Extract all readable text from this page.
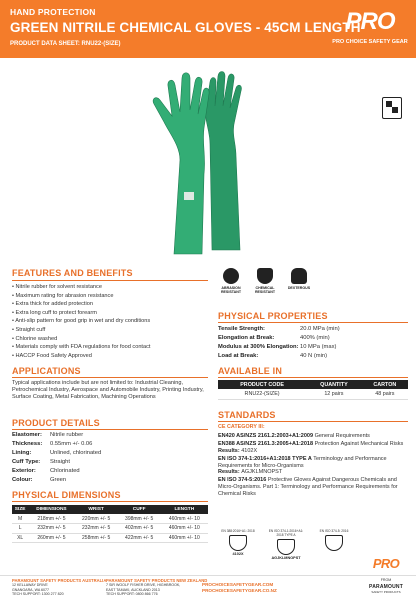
HAND PROTECTION
GREEN NITRILE CHEMICAL GLOVES - 45CM LENGTH
PRODUCT DATA SHEET: RNU22-(SIZE)
PRO
PRO CHOICE SAFETY GEAR
FEATURES AND BENEFITS
• Nitrile rubber for solvent resistance
• Maximum rating for abrasion resistance
• Extra thick for added protection
• Extra long cuff to protect forearm
• Anti-slip pattern for good grip in wet and dry conditions
• Straight cuff
• Chlorine washed
• Materials comply with FDA regulations for food contact
• HACCP Food Safety Approved
ABRASION RESISTANT
CHEMICAL RESISTANT
DEXTEROUS
PHYSICAL PROPERTIES
Tensile Strength:	20.0 MPa (min)
Elongation at Break:	400% (min)
Modulus at 300% Elongation: 10 MPa (max)
Load at Break:	40 N (min)
AVAILABLE IN
PRODUCT CODE	QUANTITY	CARTON
RNU22-(SIZE)	12 pairs	48 pairs
STANDARDS
CE CATEGORY III:

EN420 AS/NZS 2161.2:2003+A1:2009 General Requirements

EN388 AS/NZS 2161.3:2005+A1:2018 Protection Against Mechanical Risks
Results: 4102X

EN ISO 374-1:2016+A1:2018 TYPE A Terminology and Performance Requirements for Micro-Organisms
Results: AGJKLMNOPST

EN ISO 374-5:2016 Protective Gloves Against Dangerous Chemicals and Micro-Organisms. Part 1: Terminology and Performance Requirements for Chemical Risks

EN 388:2016+A1: 2018
4102X
EN ISO 374-1:2016+A1: 2018 TYPE A
AGJKLMNOPST
EN ISO 374-5: 2016
APPLICATIONS

Typical applications include but are not limited to: Industrial Cleaning, Petrochemical Industry, Aerospace and Automobile Industry, Printing Industry, Surface Coating, Metal Fabrication, Machining Operations

PRODUCT DETAILS
Elastomer: Nitrile rubber
Thickness: 0.55mm +/- 0.06
Lining:	Unlined, chlorinated
Cuff Type: Straight
Exterior: Chlorinated
Colour:	Green
PHYSICAL DIMENSIONS
SIZE	DIMENSIONS	WRIST	CUFF	LENGTH
M	218mm +/- 5	220mm +/- 5	398mm +/- 5	460mm +/- 10
L	232mm +/- 5	232mm +/- 5	402mm +/- 5	460mm +/- 10
XL	260mm +/- 5	258mm +/- 5	422mm +/- 5	460mm +/- 10
PRO
PARAMOUNT SAFETY PRODUCTS AUSTRALIA
12 KELLAWAY DRIVE
GNANGARA, WA 6077
TECH SUPPORT: 1300 277 820
PARAMOUNT SAFETY PRODUCTS NEW ZEALAND
7 SIR WOOLF FISHER DRIVE, HIGHBROOK,
EAST TAMAKI, AUCKLAND 2013
TECH SUPPORT: 0800 866 776
PROCHOICESAFETYGEAR.COM
PROCHOICESAFETYGEAR.CO.NZ
FROM
PARAMOUNT
SAFETY PRODUCTS
